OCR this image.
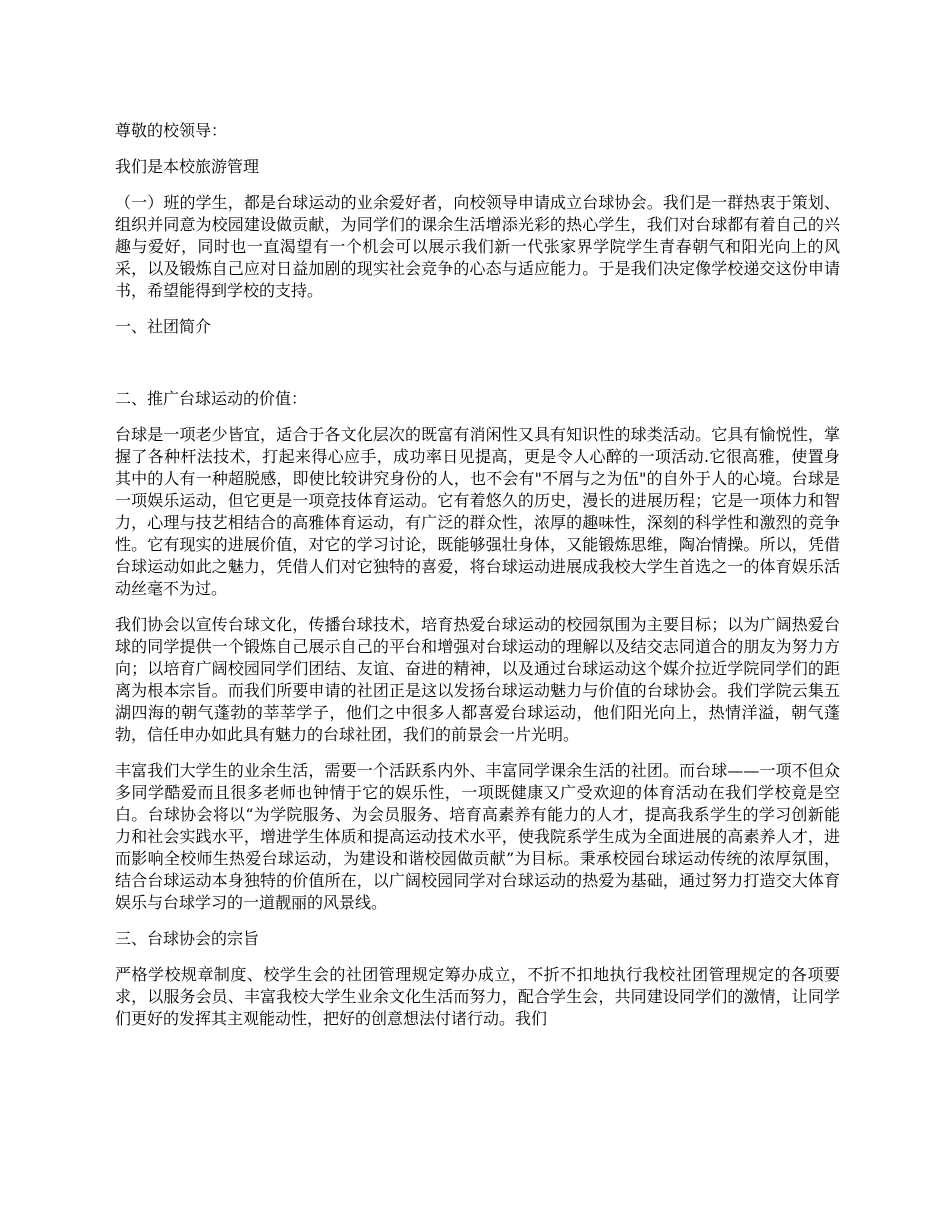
尊敬的校领导：

我们是本校旅游管理

（一）班的学生，都是台球运动的业余爱好者，向校领导申请成立台球协会。我们是一群热衷于策划、组织并同意为校园建设做贡献，为同学们的课余生活增添光彩的热心学生，我们对台球都有着自己的兴趣与爱好，同时也一直渴望有一个机会可以展示我们新一代张家界学院学生青春朝气和阳光向上的风采，以及锻炼自己应对日益加剧的现实社会竞争的心态与适应能力。于是我们决定像学校递交这份申请书，希望能得到学校的支持。

一、社团简介

二、推广台球运动的价值：

台球是一项老少皆宜，适合于各文化层次的既富有消闲性又具有知识性的球类活动。它具有愉悦性，掌握了各种杆法技术，打起来得心应手，成功率日见提高，更是令人心醉的一项活动.它很高雅，使置身其中的人有一种超脱感，即使比较讲究身份的人，也不会有"不屑与之为伍"的自外于人的心境。台球是一项娱乐运动，但它更是一项竞技体育运动。它有着悠久的历史，漫长的进展历程；它是一项体力和智力，心理与技艺相结合的高雅体育运动，有广泛的群众性，浓厚的趣味性，深刻的科学性和激烈的竞争性。它有现实的进展价值，对它的学习讨论，既能够强壮身体，又能锻炼思维，陶冶情操。所以，凭借台球运动如此之魅力，凭借人们对它独特的喜爱，将台球运动进展成我校大学生首选之一的体育娱乐活动丝毫不为过。

我们协会以宣传台球文化，传播台球技术，培育热爱台球运动的校园氛围为主要目标；以为广阔热爱台球的同学提供一个锻炼自己展示自己的平台和增强对台球运动的理解以及结交志同道合的朋友为努力方向；以培育广阔校园同学们团结、友谊、奋进的精神，以及通过台球运动这个媒介拉近学院同学们的距离为根本宗旨。而我们所要申请的社团正是这以发扬台球运动魅力与价值的台球协会。我们学院云集五湖四海的朝气蓬勃的莘莘学子，他们之中很多人都喜爱台球运动，他们阳光向上，热情洋溢，朝气蓬勃，信任申办如此具有魅力的台球社团，我们的前景会一片光明。

丰富我们大学生的业余生活，需要一个活跃系内外、丰富同学课余生活的社团。而台球——一项不但众多同学酷爱而且很多老师也钟情于它的娱乐性，一项既健康又广受欢迎的体育活动在我们学校竟是空白。台球协会将以“为学院服务、为会员服务、培育高素养有能力的人才，提高我系学生的学习创新能力和社会实践水平，增进学生体质和提高运动技术水平，使我院系学生成为全面进展的高素养人才，进而影响全校师生热爱台球运动，为建设和谐校园做贡献”为目标。秉承校园台球运动传统的浓厚氛围，结合台球运动本身独特的价值所在，以广阔校园同学对台球运动的热爱为基础，通过努力打造交大体育娱乐与台球学习的一道靓丽的风景线。

三、台球协会的宗旨

严格学校规章制度、校学生会的社团管理规定筹办成立，不折不扣地执行我校社团管理规定的各项要求，以服务会员、丰富我校大学生业余文化生活而努力，配合学生会，共同建设同学们的激情，让同学们更好的发挥其主观能动性，把好的创意想法付诸行动。我们
